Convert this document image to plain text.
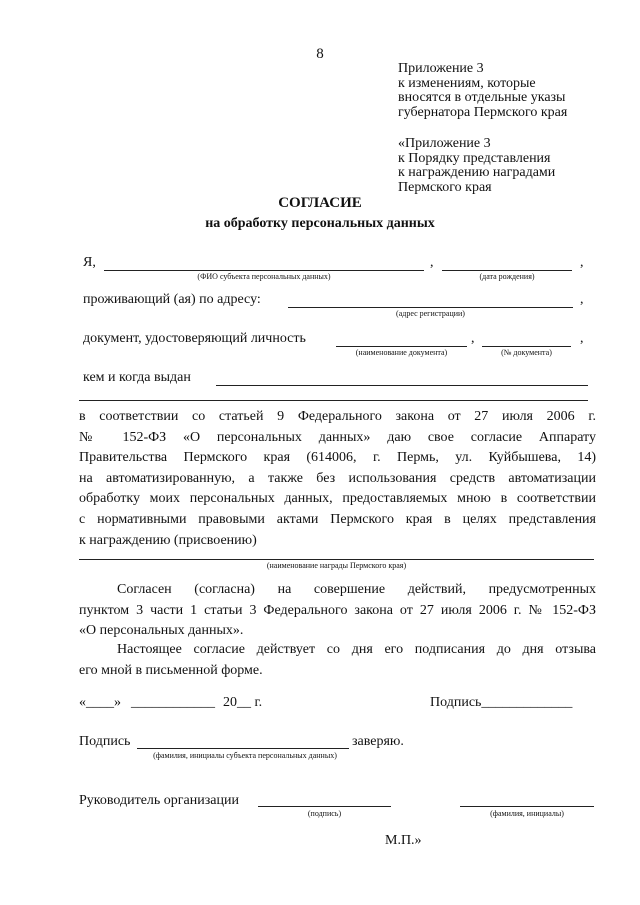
8
Приложение 3
к изменениям, которые
вносятся в отдельные указы
губернатора Пермского края
«Приложение 3
к Порядку представления
к награждению наградами
Пермского края
СОГЛАСИЕ
на обработку персональных данных
Я,	,	,
(ФИО субъекта персональных данных)	(дата рождения)
проживающий (ая) по адресу:	,
(адрес регистрации)
документ, удостоверяющий личность	,	,
(наименование документа)	(№ документа)
кем и когда выдан
в соответствии со статьей 9 Федерального закона от 27 июля 2006 г.
№ 152-ФЗ «О персональных данных» даю свое согласие Аппарату
Правительства Пермского края (614006, г. Пермь, ул. Куйбышева, 14)
на автоматизированную, а также без использования средств автоматизации
обработку моих персональных данных, предоставляемых мною в соответствии
с нормативными правовыми актами Пермского края в целях представления
к награждению (присвоению)
(наименование награды Пермского края)
Согласен (согласна) на совершение действий, предусмотренных
пунктом 3 части 1 статьи 3 Федерального закона от 27 июля 2006 г. № 152-ФЗ
«О персональных данных».
Настоящее согласие действует со дня его подписания до дня отзыва
его мной в письменной форме.
«____» ____________ 20__ г.	Подпись_____________
Подпись	заверяю.
(фамилия, инициалы субъекта персональных данных)
Руководитель организации
(подпись)	(фамилия, инициалы)
М.П.»
